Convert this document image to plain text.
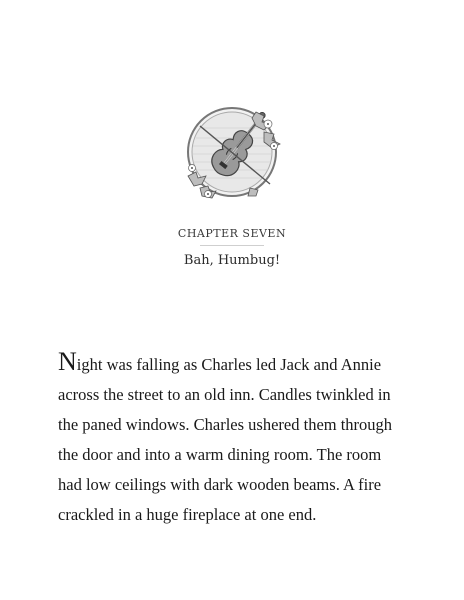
CHAPTER SEVEN
Bah, Humbug!

Night was falling as Charles led Jack and Annie
across the street to an old inn. Candles twinkled in
the paned windows. Charles ushered them through
the door and into a warm dining room. The room
had low ceilings with dark wooden beams. A fire
crackled in a huge fireplace at one end.
